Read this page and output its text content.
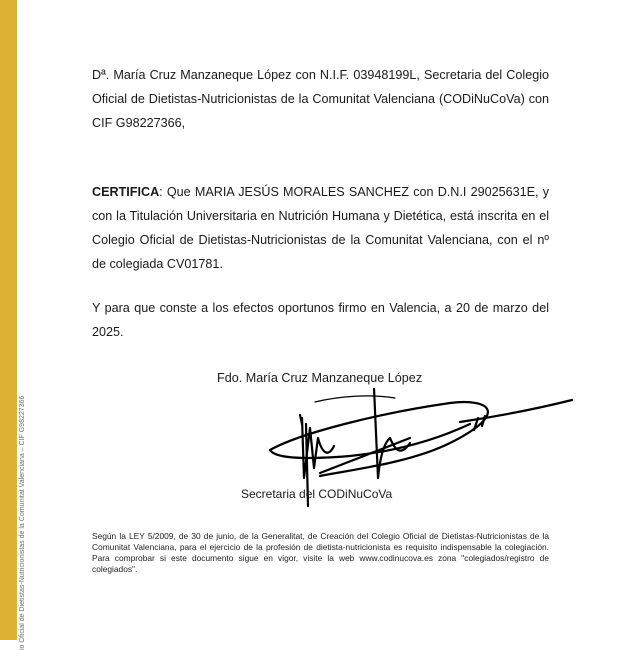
io Oficial de Dietistas-Nutricionistas de la Comunitat Valenciana – CIF G98227366

Dª. María Cruz Manzaneque López con N.I.F. 03948199L, Secretaria del Colegio Oficial de Dietistas-Nutricionistas de la Comunitat Valenciana (CODiNuCoVa) con CIF G98227366,

CERTIFICA: Que MARIA JESÚS MORALES SANCHEZ con D.N.I 29025631E, y con la Titulación Universitaria en Nutrición Humana y Dietética, está inscrita en el Colegio Oficial de Dietistas-Nutricionistas de la Comunitat Valenciana, con el nº de colegiada CV01781.

Y para que conste a los efectos oportunos firmo en Valencia, a 20 de marzo del 2025.

Fdo. María Cruz Manzaneque López
Secretaria del CODiNuCoVa
Según la LEY 5/2009, de 30 de junio, de la Generalitat, de Creación del Colegio Oficial de Dietistas-Nutricionistas de la Comunitat Valenciana, para el ejercicio de la profesión de dietista-nutricionista es requisito indispensable la colegiación. Para comprobar si este documento sigue en vigor, visite la web www.codinucova.es zona "colegiados/registro de colegiados".
